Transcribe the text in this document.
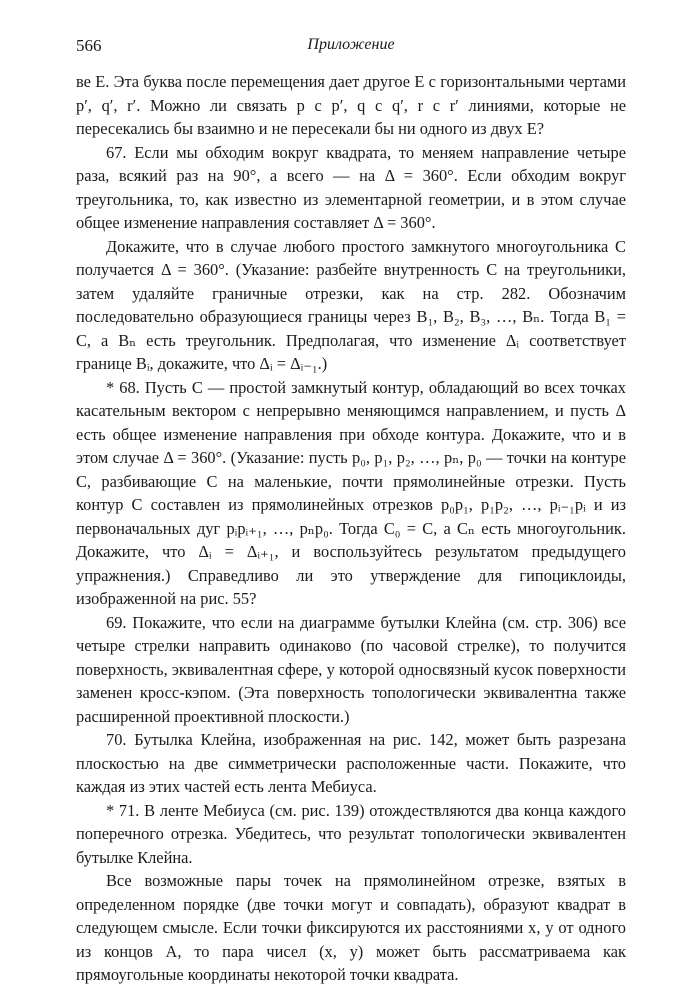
566	Приложение

ве E. Эта буква после перемещения дает другое E с горизонтальными чертами p′, q′, r′. Можно ли связать p с p′, q с q′, r с r′ линиями, которые не пересекались бы взаимно и не пересекали бы ни одного из двух E?

67. Если мы обходим вокруг квадрата, то меняем направление четыре раза, всякий раз на 90°, а всего — на Δ = 360°. Если обходим вокруг треугольника, то, как известно из элементарной геометрии, и в этом случае общее изменение направления составляет Δ = 360°.

Докажите, что в случае любого простого замкнутого многоугольника C получается Δ = 360°. (Указание: разбейте внутренность C на треугольники, затем удаляйте граничные отрезки, как на стр. 282. Обозначим последовательно образующиеся границы через B₁, B₂, B₃, …, Bₙ. Тогда B₁ = C, а Bₙ есть треугольник. Предполагая, что изменение Δᵢ соответствует границе Bᵢ, докажите, что Δᵢ = Δᵢ₋₁.)

* 68. Пусть C — простой замкнутый контур, обладающий во всех точках касательным вектором с непрерывно меняющимся направлением, и пусть Δ есть общее изменение направления при обходе контура. Докажите, что и в этом случае Δ = 360°. (Указание: пусть p₀, p₁, p₂, …, pₙ, p₀ — точки на контуре C, разбивающие C на маленькие, почти прямолинейные отрезки. Пусть контур C составлен из прямолинейных отрезков p₀p₁, p₁p₂, …, pᵢ₋₁pᵢ и из первоначальных дуг pᵢpᵢ₊₁, …, pₙp₀. Тогда C₀ = C, а Cₙ есть многоугольник. Докажите, что Δᵢ = Δᵢ₊₁, и воспользуйтесь результатом предыдущего упражнения.) Справедливо ли это утверждение для гипоциклоиды, изображенной на рис. 55?

69. Покажите, что если на диаграмме бутылки Клейна (см. стр. 306) все четыре стрелки направить одинаково (по часовой стрелке), то получится поверхность, эквивалентная сфере, у которой односвязный кусок поверхности заменен кросс-кэпом. (Эта поверхность топологически эквивалентна также расширенной проективной плоскости.)

70. Бутылка Клейна, изображенная на рис. 142, может быть разрезана плоскостью на две симметрически расположенные части. Покажите, что каждая из этих частей есть лента Мебиуса.

* 71. В ленте Мебиуса (см. рис. 139) отождествляются два конца каждого поперечного отрезка. Убедитесь, что результат топологически эквивалентен бутылке Клейна.

Все возможные пары точек на прямолинейном отрезке, взятых в определенном порядке (две точки могут и совпадать), образуют квадрат в следующем смысле. Если точки фиксируются их расстояниями x, y от одного из концов A, то пара чисел (x, y) может быть рассматриваема как прямоугольные координаты некоторой точки квадрата.
